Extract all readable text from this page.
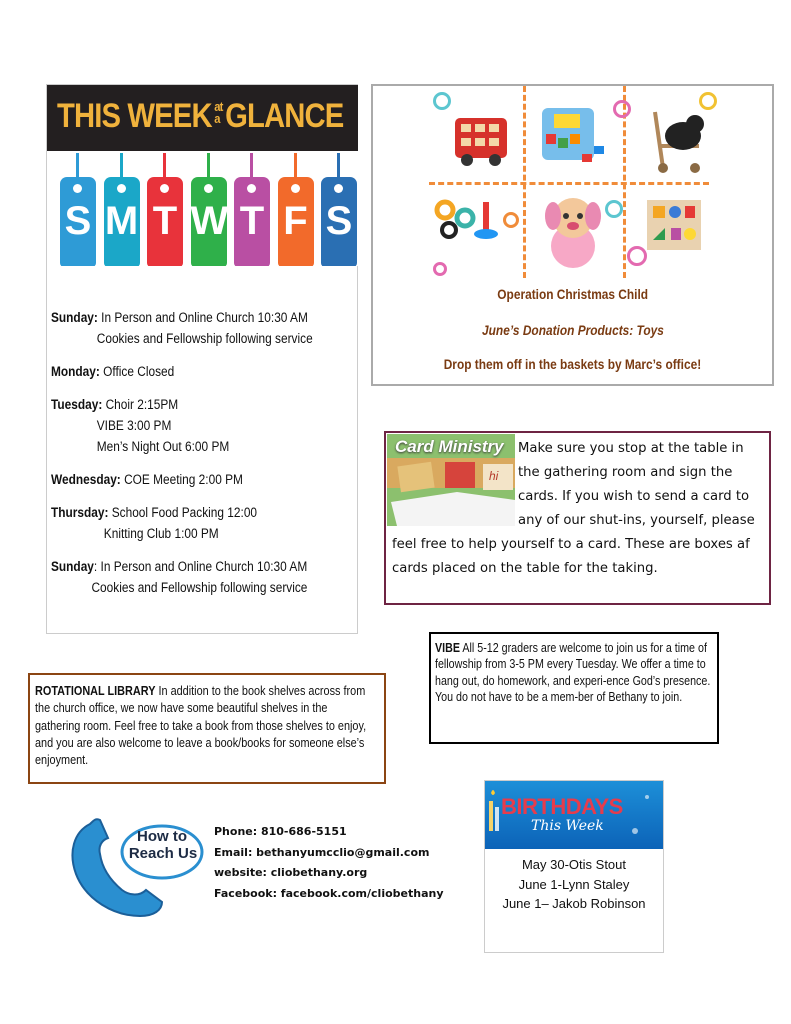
THIS WEEK at
a GLANCE
S M T W T F S
Sunday: In Person and Online Church 10:30 AM
Cookies and Fellowship following service
Monday: Office Closed
Tuesday: Choir 2:15PM
VIBE 3:00 PM
Men’s Night Out 6:00 PM
Wednesday: COE Meeting 2:00 PM
Thursday: School Food Packing 12:00
Knitting Club 1:00 PM
Sunday: In Person and Online Church 10:30 AM
Cookies and Fellowship following service
Operation Christmas Child
June’s Donation Products: Toys
Drop them off in the baskets by Marc’s office!
Card Ministry
hi
Make sure you stop at the table in the gathering room and sign the cards. If you wish to send a card to any of our shut-ins, yourself, please feel free to help yourself to a card. These are boxes af cards placed on the table for the taking.
ROTATIONAL LIBRARY In addition to the book shelves across from the church office, we now have some beautiful shelves in the gathering room. Feel free to take a book from those shelves to enjoy, and you are also welcome to leave a book/books for someone else’s enjoyment.
VIBE All 5-12 graders are welcome to join us for a time of fellowship from 3-5 PM every Tuesday. We offer a time to hang out, do homework, and experi-ence God’s presence. You do not have to be a mem-ber of Bethany to join.
How to
Reach Us
Phone: 810-686-5151
Email: bethanyumcclio@gmail.com
website: cliobethany.org
Facebook: facebook.com/cliobethany
BIRTHDAYS
This Week
May 30-Otis Stout
June 1-Lynn Staley
June 1– Jakob Robinson
